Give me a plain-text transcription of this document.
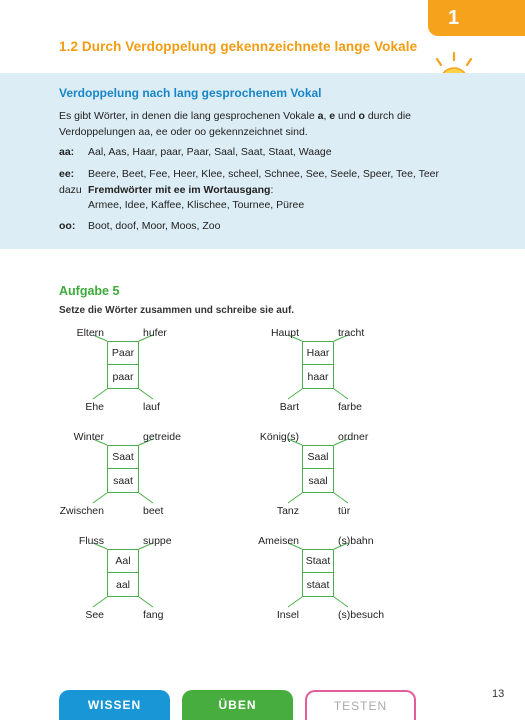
1
1.2 Durch Verdoppelung gekennzeichnete lange Vokale
Verdoppelung nach lang gesprochenem Vokal
Es gibt Wörter, in denen die lang gesprochenen Vokale a, e und o durch die Verdoppelungen aa, ee oder oo gekennzeichnet sind.
aa:	Aal, Aas, Haar, paar, Paar, Saal, Saat, Staat, Waage
ee:	Beere, Beet, Fee, Heer, Klee, scheel, Schnee, See, Seele, Speer, Tee, Teer
dazu Fremdwörter mit ee im Wortausgang:
Armee, Idee, Kaffee, Klischee, Tournee, Püree
oo:	Boot, doof, Moor, Moos, Zoo
Aufgabe 5
Setze die Wörter zusammen und schreibe sie auf.
Eltern	hufer
Ehe	lauf
Paar
paar
Haupt	tracht
Bart	farbe
Haar
haar
Winter	getreide
Zwischen	beet
Saat
saat
König(s)	ordner
Tanz	tür
Saal
saal
Fluss	suppe
See	fang
Aal
aal
Ameisen	(s)bahn
Insel	(s)besuch
Staat
staat
WISSEN	ÜBEN	TESTEN
13
